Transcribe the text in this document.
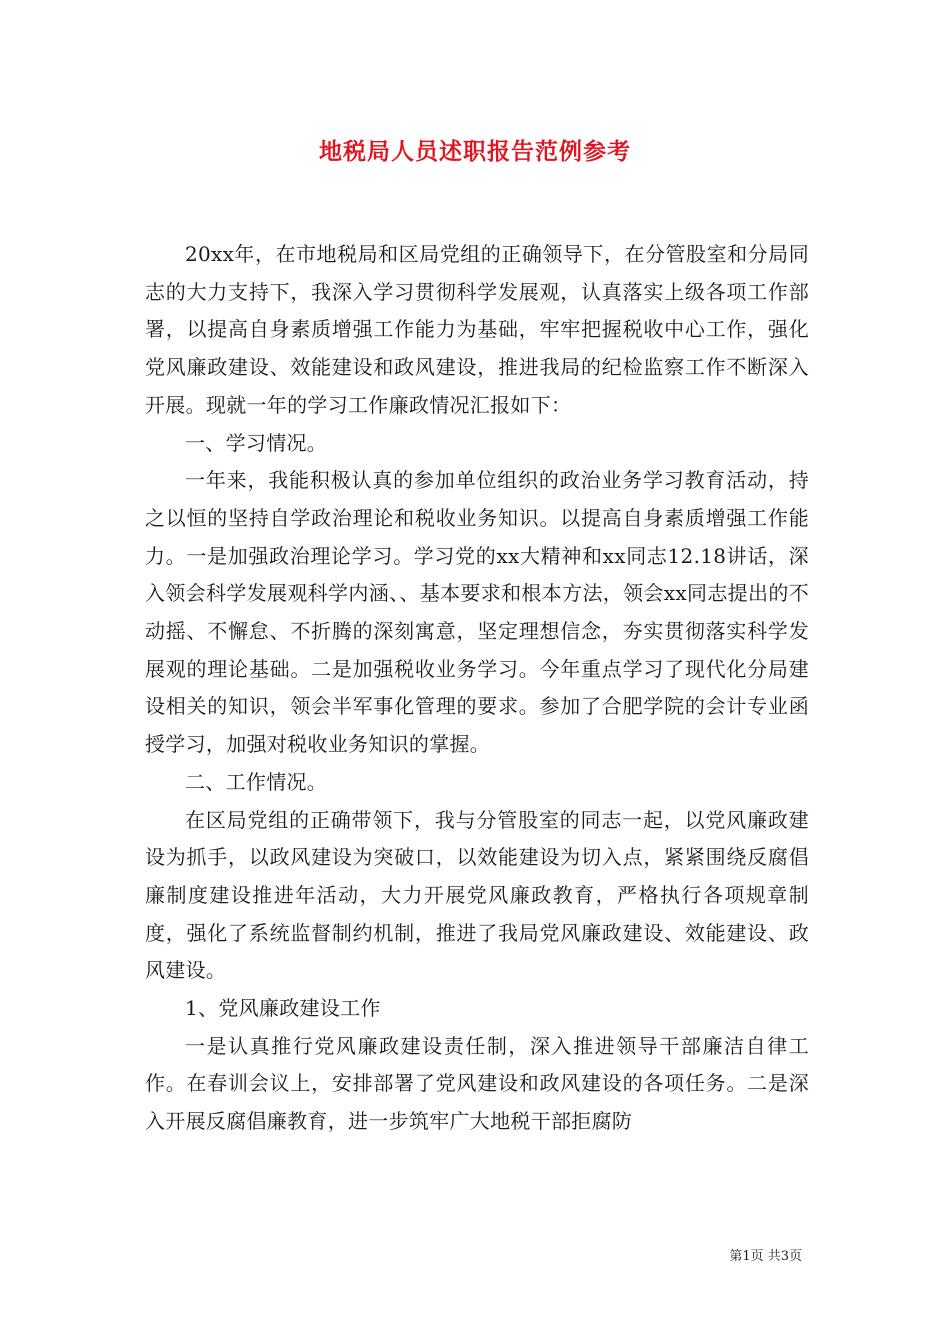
地税局人员述职报告范例参考

20xx年，在市地税局和区局党组的正确领导下，在分管股室和分局同志的大力支持下，我深入学习贯彻科学发展观，认真落实上级各项工作部署，以提高自身素质增强工作能力为基础，牢牢把握税收中心工作，强化党风廉政建设、效能建设和政风建设，推进我局的纪检监察工作不断深入开展。现就一年的学习工作廉政情况汇报如下：

一、学习情况。

一年来，我能积极认真的参加单位组织的政治业务学习教育活动，持之以恒的坚持自学政治理论和税收业务知识。以提高自身素质增强工作能力。一是加强政治理论学习。学习党的xx大精神和xx同志12.18讲话，深入领会科学发展观科学内涵、、基本要求和根本方法，领会xx同志提出的不动摇、不懈怠、不折腾的深刻寓意，坚定理想信念，夯实贯彻落实科学发展观的理论基础。二是加强税收业务学习。今年重点学习了现代化分局建设相关的知识，领会半军事化管理的要求。参加了合肥学院的会计专业函授学习，加强对税收业务知识的掌握。

二、工作情况。

在区局党组的正确带领下，我与分管股室的同志一起，以党风廉政建设为抓手，以政风建设为突破口，以效能建设为切入点，紧紧围绕反腐倡廉制度建设推进年活动，大力开展党风廉政教育，严格执行各项规章制度，强化了系统监督制约机制，推进了我局党风廉政建设、效能建设、政风建设。

1、党风廉政建设工作

一是认真推行党风廉政建设责任制，深入推进领导干部廉洁自律工作。在春训会议上，安排部署了党风建设和政风建设的各项任务。二是深入开展反腐倡廉教育，进一步筑牢广大地税干部拒腐防

第1页 共3页
